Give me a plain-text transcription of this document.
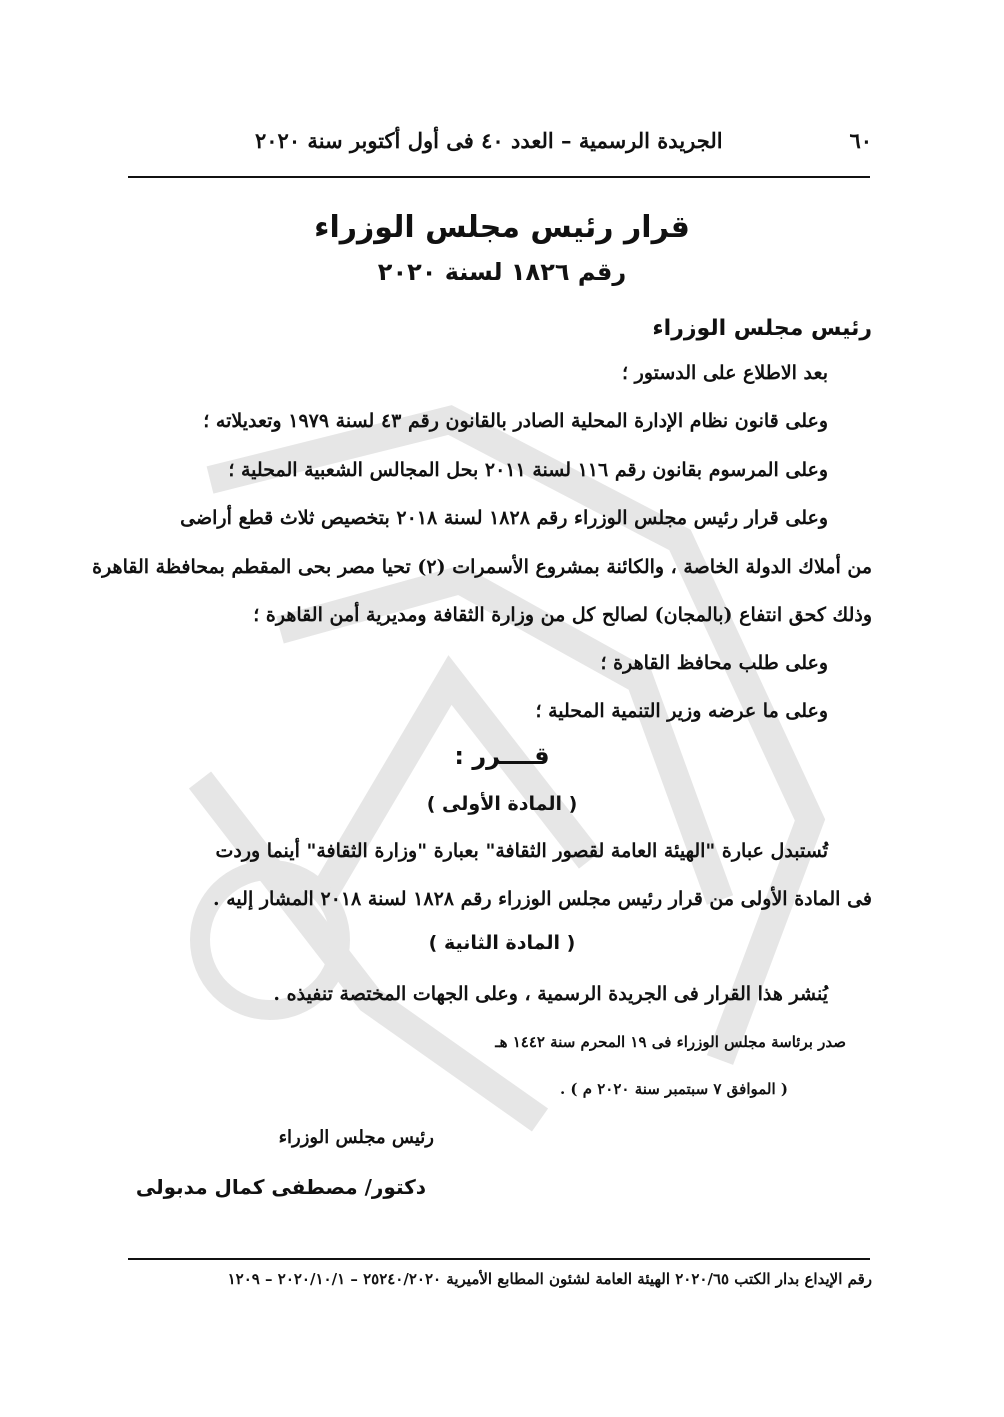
٦٠
الجريدة الرسمية – العدد ٤٠ فى أول أكتوبر سنة ٢٠٢٠
قرار رئيس مجلس الوزراء
رقم ١٨٢٦ لسنة ٢٠٢٠
رئيس مجلس الوزراء
بعد الاطلاع على الدستور ؛
وعلى قانون نظام الإدارة المحلية الصادر بالقانون رقم ٤٣ لسنة ١٩٧٩ وتعديلاته ؛
وعلى المرسوم بقانون رقم ١١٦ لسنة ٢٠١١ بحل المجالس الشعبية المحلية ؛
وعلى قرار رئيس مجلس الوزراء رقم ١٨٢٨ لسنة ٢٠١٨ بتخصيص ثلاث قطع أراضى
من أملاك الدولة الخاصة ، والكائنة بمشروع الأسمرات (٢) تحيا مصر بحى المقطم بمحافظة القاهرة
وذلك كحق انتفاع (بالمجان) لصالح كل من وزارة الثقافة ومديرية أمن القاهرة ؛
وعلى طلب محافظ القاهرة ؛
وعلى ما عرضه وزير التنمية المحلية ؛
قــــرر :
( المادة الأولى )
تُستبدل عبارة "الهيئة العامة لقصور الثقافة" بعبارة "وزارة الثقافة" أينما وردت
فى المادة الأولى من قرار رئيس مجلس الوزراء رقم ١٨٢٨ لسنة ٢٠١٨ المشار إليه .
( المادة الثانية )
يُنشر هذا القرار فى الجريدة الرسمية ، وعلى الجهات المختصة تنفيذه .
صدر برئاسة مجلس الوزراء فى ١٩ المحرم سنة ١٤٤٢ هـ
( الموافق ٧ سبتمبر سنة ٢٠٢٠ م ) .
رئيس مجلس الوزراء
دكتور/ مصطفى كمال مدبولى
رقم الإيداع بدار الكتب ٢٠٢٠/٦٥ الهيئة العامة لشئون المطابع الأميرية ٢٥٢٤٠/٢٠٢٠ – ٢٠٢٠/١٠/١ – ١٢٠٩
